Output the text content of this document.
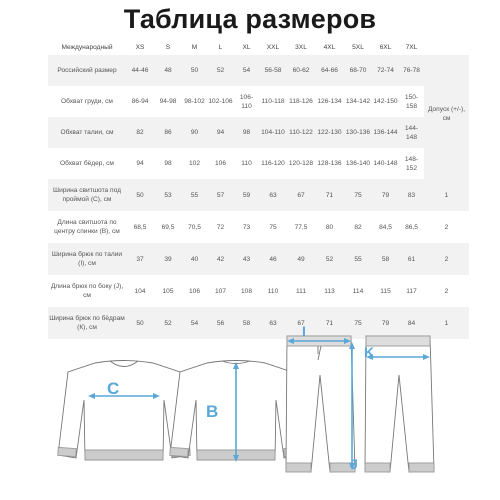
Таблица размеров
Международный	XS	S	M	L	XL	XXL	3XL	4XL	5XL	6XL	7XL	
Российский размер	44-46	48	50	52	54	56-58	60-62	64-66	68-70	72-74	76-78	Допуск (+/-), см
Обхват груди, см	86-94	94-98	98-102	102-106	106-110	110-118	118-126	126-134	134-142	142-150	150-158	
Обхват талии, см	82	86	90	94	98	104-110	110-122	122-130	130-136	136-144	144-148	
Обхват бёдер, см	94	98	102	106	110	116-120	120-128	128-136	136-140	140-148	148-152	
Ширина свитшота под проймой (С), см	50	53	55	57	59	63	67	71	75	79	83	1
Длина свитшота по центру спинки (В), см	68,5	69,5	70,5	72	73	75	77,5	80	82	84,5	86,5	2
Ширина брюк по талии (I), см	37	39	40	42	43	46	49	52	55	58	61	2
Длина брюк по боку (J), см	104	105	106	107	108	110	111	113	114	115	117	2
Ширина брюк по бёдрам (К), см	50	52	54	56	58	63	67	71	75	79	84	1
C
B
I
J
K
